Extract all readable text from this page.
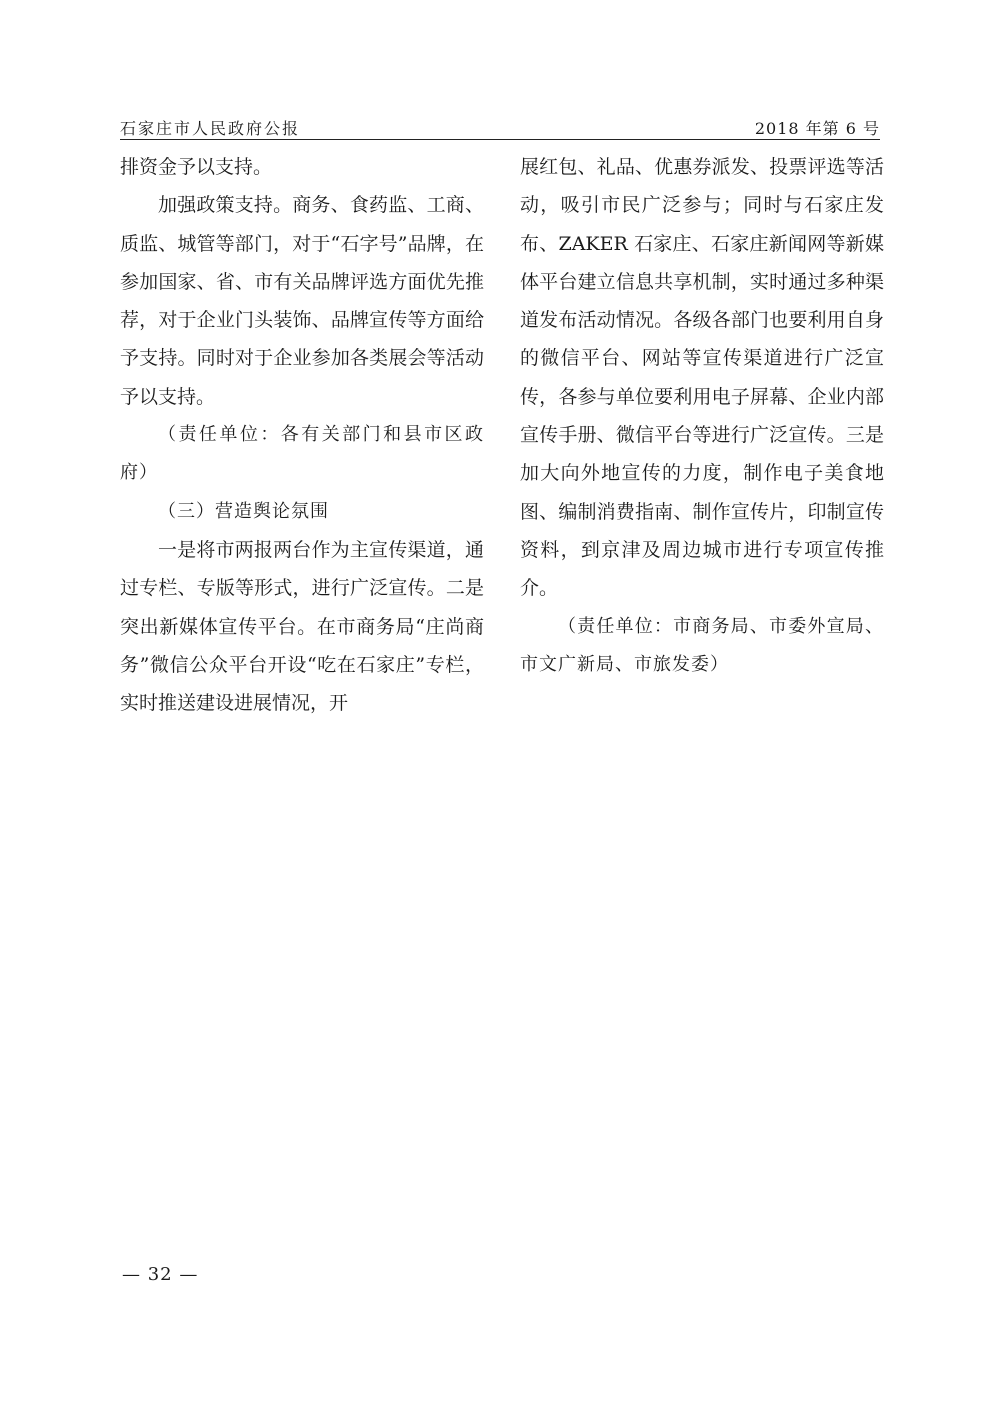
石家庄市人民政府公报	2018 年第 6 号

排资金予以支持。

加强政策支持。商务、食药监、工商、质监、城管等部门，对于“石字号”品牌，在参加国家、省、市有关品牌评选方面优先推荐，对于企业门头装饰、品牌宣传等方面给予支持。同时对于企业参加各类展会等活动予以支持。

（责任单位：各有关部门和县市区政府）

（三）营造舆论氛围

一是将市两报两台作为主宣传渠道，通过专栏、专版等形式，进行广泛宣传。二是突出新媒体宣传平台。在市商务局“庄尚商务”微信公众平台开设“吃在石家庄”专栏，实时推送建设进展情况，开

展红包、礼品、优惠券派发、投票评选等活动，吸引市民广泛参与；同时与石家庄发布、ZAKER 石家庄、石家庄新闻网等新媒体平台建立信息共享机制，实时通过多种渠道发布活动情况。各级各部门也要利用自身的微信平台、网站等宣传渠道进行广泛宣传，各参与单位要利用电子屏幕、企业内部宣传手册、微信平台等进行广泛宣传。三是加大向外地宣传的力度，制作电子美食地图、编制消费指南、制作宣传片，印制宣传资料，到京津及周边城市进行专项宣传推介。

（责任单位：市商务局、市委外宣局、市文广新局、市旅发委）

— 32 —
